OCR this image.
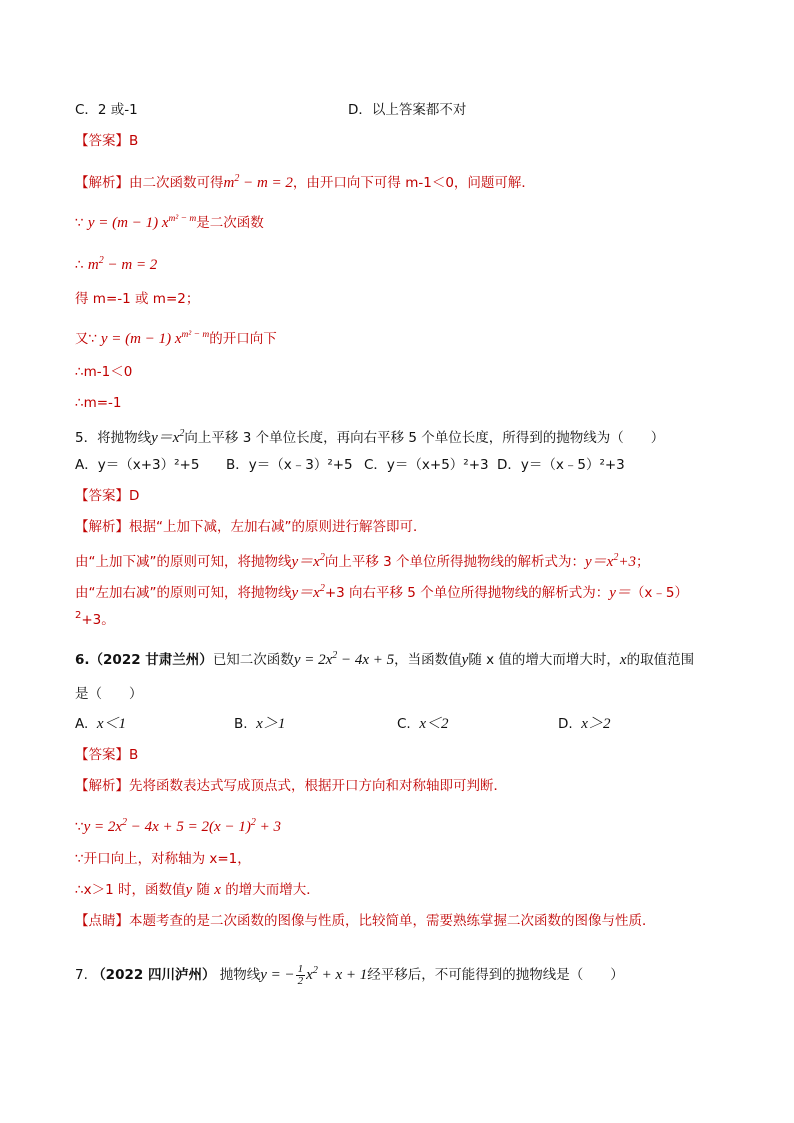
C．2 或-1	D．以上答案都不对
【答案】B
【解析】由二次函数可得$m^2 - m = 2$，由开口向下可得 m-1＜0，问题可解．
∵ y = (m − 1) $x^{m^2 - m}$是二次函数
∴ $m^2 - m = 2$
得 m=-1 或 m=2；
又∵ y = (m − 1) $x^{m^2 - m}$的开口向下
∴m-1＜0
∴m=-1
5．将抛物线$y=x^2$向上平移 3 个单位长度，再向右平移 5 个单位长度，所得到的抛物线为（　　）
A．y＝（x+3）²+5 B．y＝（x﹣3）²+5 C．y＝（x+5）²+3 D．y＝（x﹣5）²+3
【答案】D
【解析】根据“上加下减，左加右减”的原则进行解答即可．
由“上加下减”的原则可知，将抛物线$y=x^2$向上平移 3 个单位所得抛物线的解析式为：$y=x^2+3$；
由“左加右减”的原则可知，将抛物线$y=x^2+3$ 向右平移 5 个单位所得抛物线的解析式为：y＝（x﹣5）
$^2$+3。
6.（2022 甘肃兰州）已知二次函数$y = 2x^2 - 4x + 5$，当函数值y随 x 值的增大而增大时，x的取值范围
是（　　）
A. x＜1	B. x＞1	C. x＜2	D. x＞2
【答案】B
【解析】先将函数表达式写成顶点式，根据开口方向和对称轴即可判断．
∵y = $2x^2 - 4x + 5 = 2(x - 1)^2 + 3$
∵开口向上，对称轴为 x=1，
∴x＞1 时，函数值y 随 x 的增大而增大．
【点睛】本题考查的是二次函数的图像与性质，比较简单，需要熟练掌握二次函数的图像与性质．
7. （2022 四川泸州） 抛物线y = − $\frac{1}{2} x^2 + x + 1$经平移后，不可能得到的抛物线是（　　）
